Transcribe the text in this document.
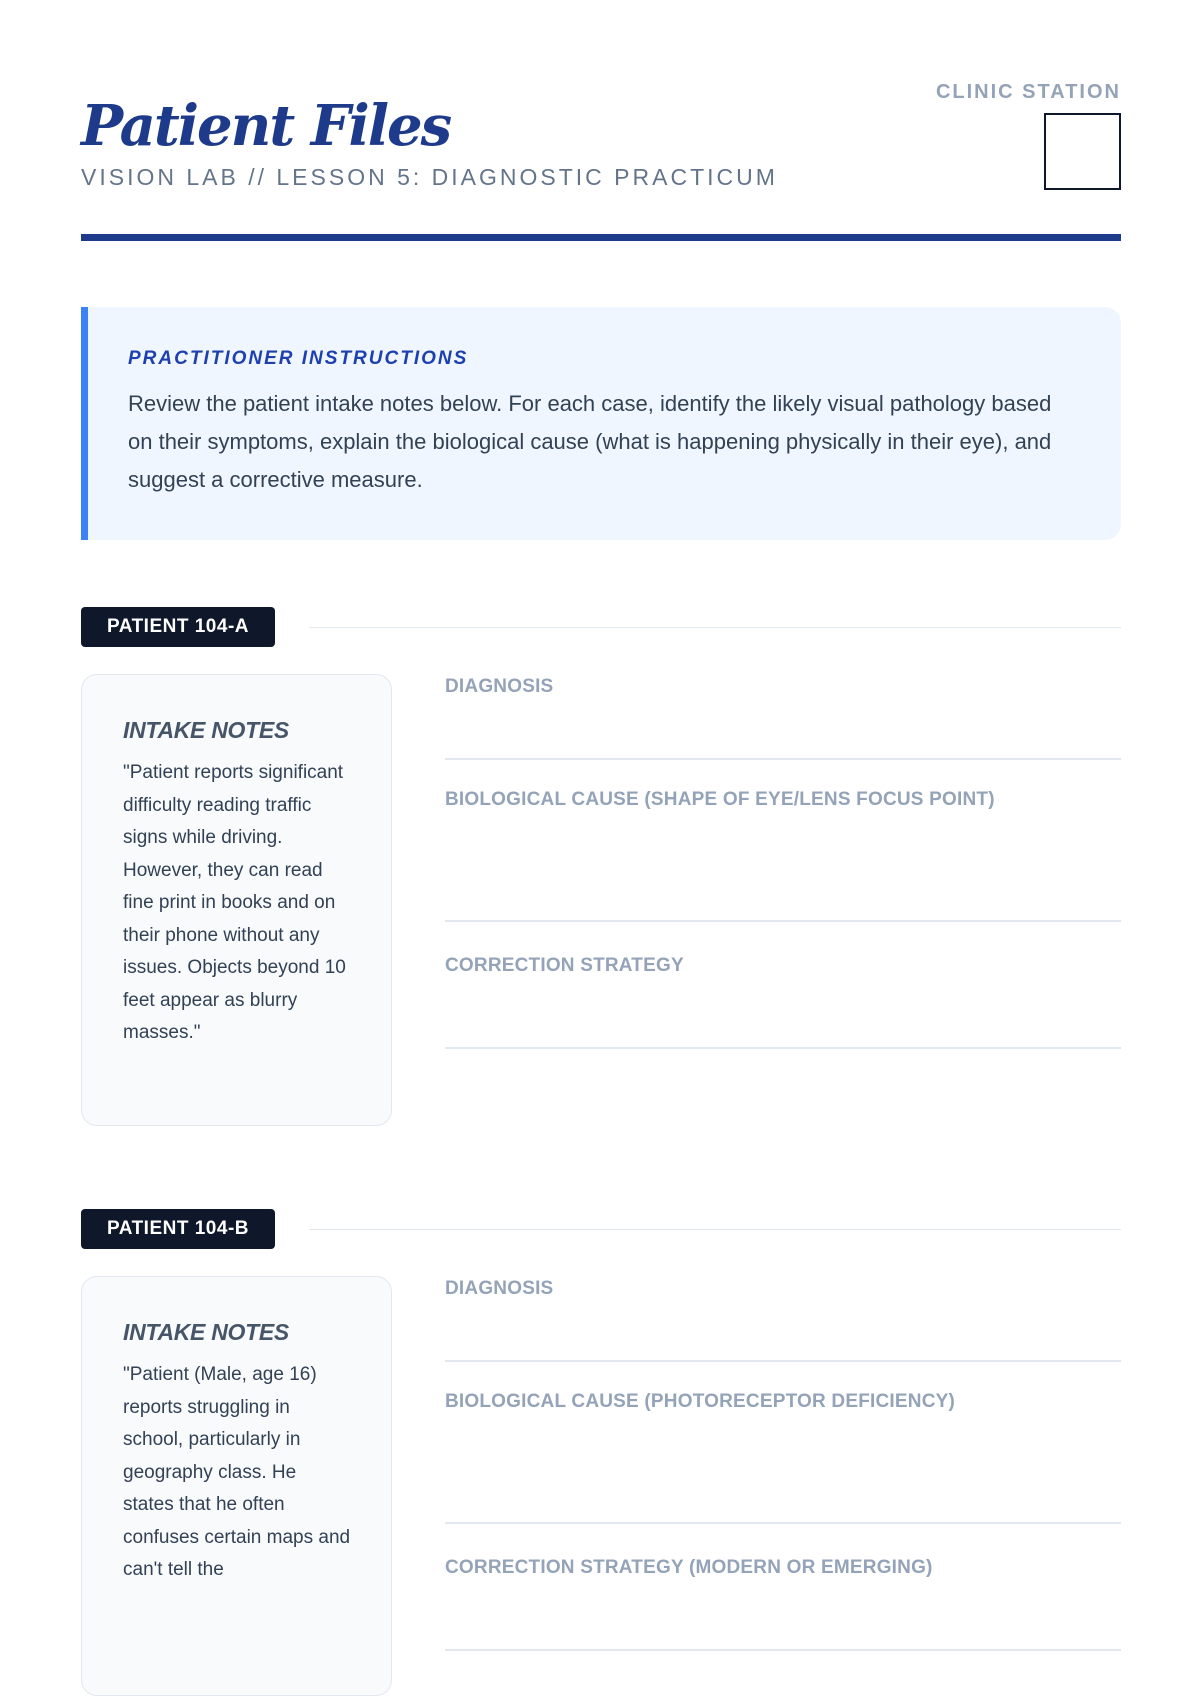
Patient Files
VISION LAB // LESSON 5: DIAGNOSTIC PRACTICUM
CLINIC STATION

PRACTITIONER INSTRUCTIONS

Review the patient intake notes below. For each case, identify the likely visual pathology based on their symptoms, explain the biological cause (what is happening physically in their eye), and suggest a corrective measure.

PATIENT 104-A

INTAKE NOTES

"Patient reports significant difficulty reading traffic signs while driving. However, they can read fine print in books and on their phone without any issues. Objects beyond 10 feet appear as blurry masses."

DIAGNOSIS
BIOLOGICAL CAUSE (SHAPE OF EYE/LENS FOCUS POINT)
CORRECTION STRATEGY
PATIENT 104-B

INTAKE NOTES

"Patient (Male, age 16) reports struggling in school, particularly in geography class. He states that he often confuses certain maps and can't tell the

DIAGNOSIS
BIOLOGICAL CAUSE (PHOTORECEPTOR DEFICIENCY)
CORRECTION STRATEGY (MODERN OR EMERGING)
